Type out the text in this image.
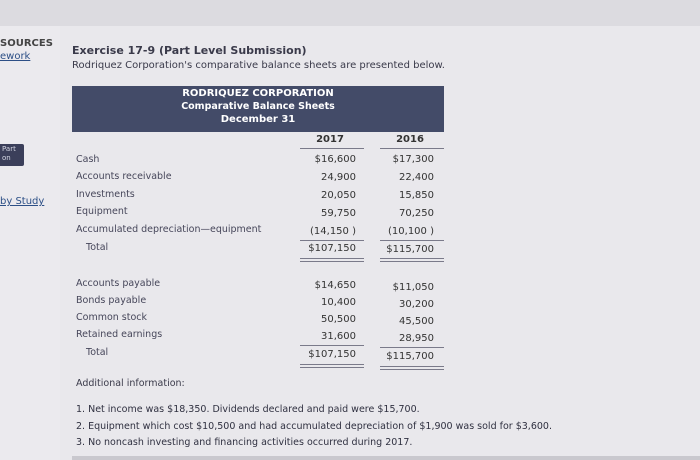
SOURCES
ework
Part on
by Study
Exercise 17-9 (Part Level Submission)
Rodriquez Corporation's comparative balance sheets are presented below.
RODRIQUEZ CORPORATION
Comparative Balance Sheets
December 31
2017	2016
Cash	$16,600	$17,300
Accounts receivable	24,900	22,400
Investments	20,050	15,850
Equipment	59,750	70,250
Accumulated depreciation—equipment	(14,150 )	(10,100 )
Total	$107,150	$115,700
Accounts payable	$14,650	$11,050
Bonds payable	10,400	30,200
Common stock	50,500	45,500
Retained earnings	31,600	28,950
Total	$107,150	$115,700
Additional information:
1. Net income was $18,350. Dividends declared and paid were $15,700.
2. Equipment which cost $10,500 and had accumulated depreciation of $1,900 was sold for $3,600.
3. No noncash investing and financing activities occurred during 2017.
